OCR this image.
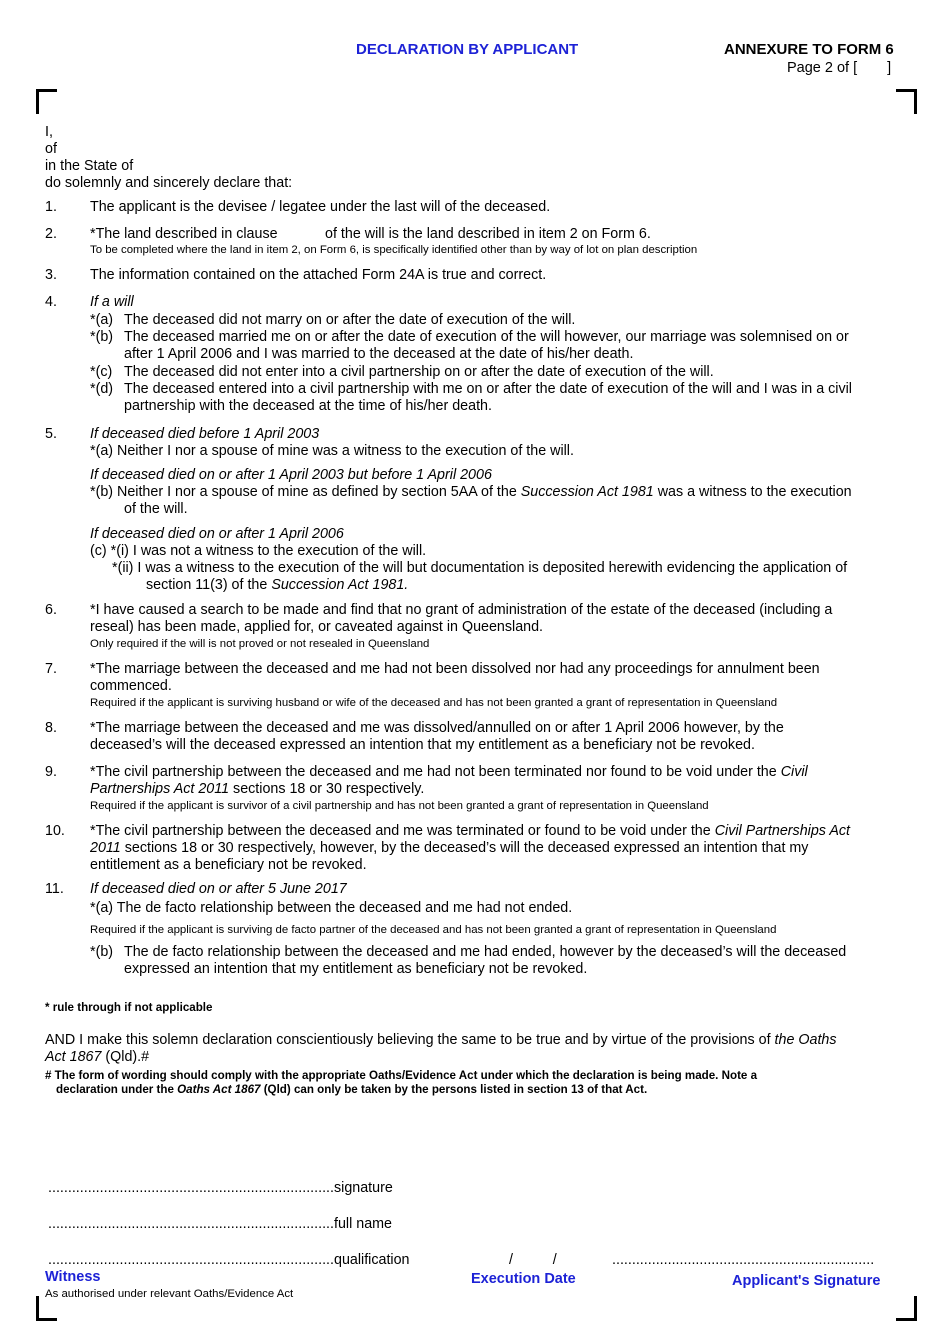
DECLARATION BY APPLICANT	ANNEXURE TO FORM 6
Page 2 of [ ]
I,
of
in the State of
do solemnly and sincerely declare that:
1. The applicant is the devisee / legatee under the last will of the deceased.
2. *The land described in clause	of the will is the land described in item 2 on Form 6.
To be completed where the land in item 2, on Form 6, is specifically identified other than by way of lot on plan description
3. The information contained on the attached Form 24A is true and correct.
4. If a will
*(a) The deceased did not marry on or after the date of execution of the will.
*(b) The deceased married me on or after the date of execution of the will however, our marriage was solemnised on or
after 1 April 2006 and I was married to the deceased at the date of his/her death.
*(c) The deceased did not enter into a civil partnership on or after the date of execution of the will.
*(d) The deceased entered into a civil partnership with me on or after the date of execution of the will and I was in a civil
partnership with the deceased at the time of his/her death.
5. If deceased died before 1 April 2003
*(a) Neither I nor a spouse of mine was a witness to the execution of the will.
If deceased died on or after 1 April 2003 but before 1 April 2006
*(b) Neither I nor a spouse of mine as defined by section 5AA of the Succession Act 1981 was a witness to the execution
of the will.
If deceased died on or after 1 April 2006
(c) *(i) I was not a witness to the execution of the will.
*(ii) I was a witness to the execution of the will but documentation is deposited herewith evidencing the application of
section 11(3) of the Succession Act 1981.
6. *I have caused a search to be made and find that no grant of administration of the estate of the deceased (including a
reseal) has been made, applied for, or caveated against in Queensland.
Only required if the will is not proved or not resealed in Queensland
7. *The marriage between the deceased and me had not been dissolved nor had any proceedings for annulment been
commenced.
Required if the applicant is surviving husband or wife of the deceased and has not been granted a grant of representation in Queensland
8. *The marriage between the deceased and me was dissolved/annulled on or after 1 April 2006 however, by the
deceased’s will the deceased expressed an intention that my entitlement as a beneficiary not be revoked.
9. *The civil partnership between the deceased and me had not been terminated nor found to be void under the Civil
Partnerships Act 2011 sections 18 or 30 respectively.
Required if the applicant is survivor of a civil partnership and has not been granted a grant of representation in Queensland
10. *The civil partnership between the deceased and me was terminated or found to be void under the Civil Partnerships Act
2011 sections 18 or 30 respectively, however, by the deceased’s will the deceased expressed an intention that my
entitlement as a beneficiary not be revoked.
11. If deceased died on or after 5 June 2017
*(a) The de facto relationship between the deceased and me had not ended.
Required if the applicant is surviving de facto partner of the deceased and has not been granted a grant of representation in Queensland
*(b) The de facto relationship between the deceased and me had ended, however by the deceased’s will the deceased
expressed an intention that my entitlement as beneficiary not be revoked.
* rule through if not applicable
AND I make this solemn declaration conscientiously believing the same to be true and by virtue of the provisions of the Oaths
Act 1867 (Qld).#
# The form of wording should comply with the appropriate Oaths/Evidence Act under which the declaration is being made. Note a
declaration under the Oaths Act 1867 (Qld) can only be taken by the persons listed in section 13 of that Act.
........................................................................signature
........................................................................full name
........................................................................qualification	/          /	..................................................................
Witness
As authorised under relevant Oaths/Evidence Act
Execution Date	Applicant's Signature
